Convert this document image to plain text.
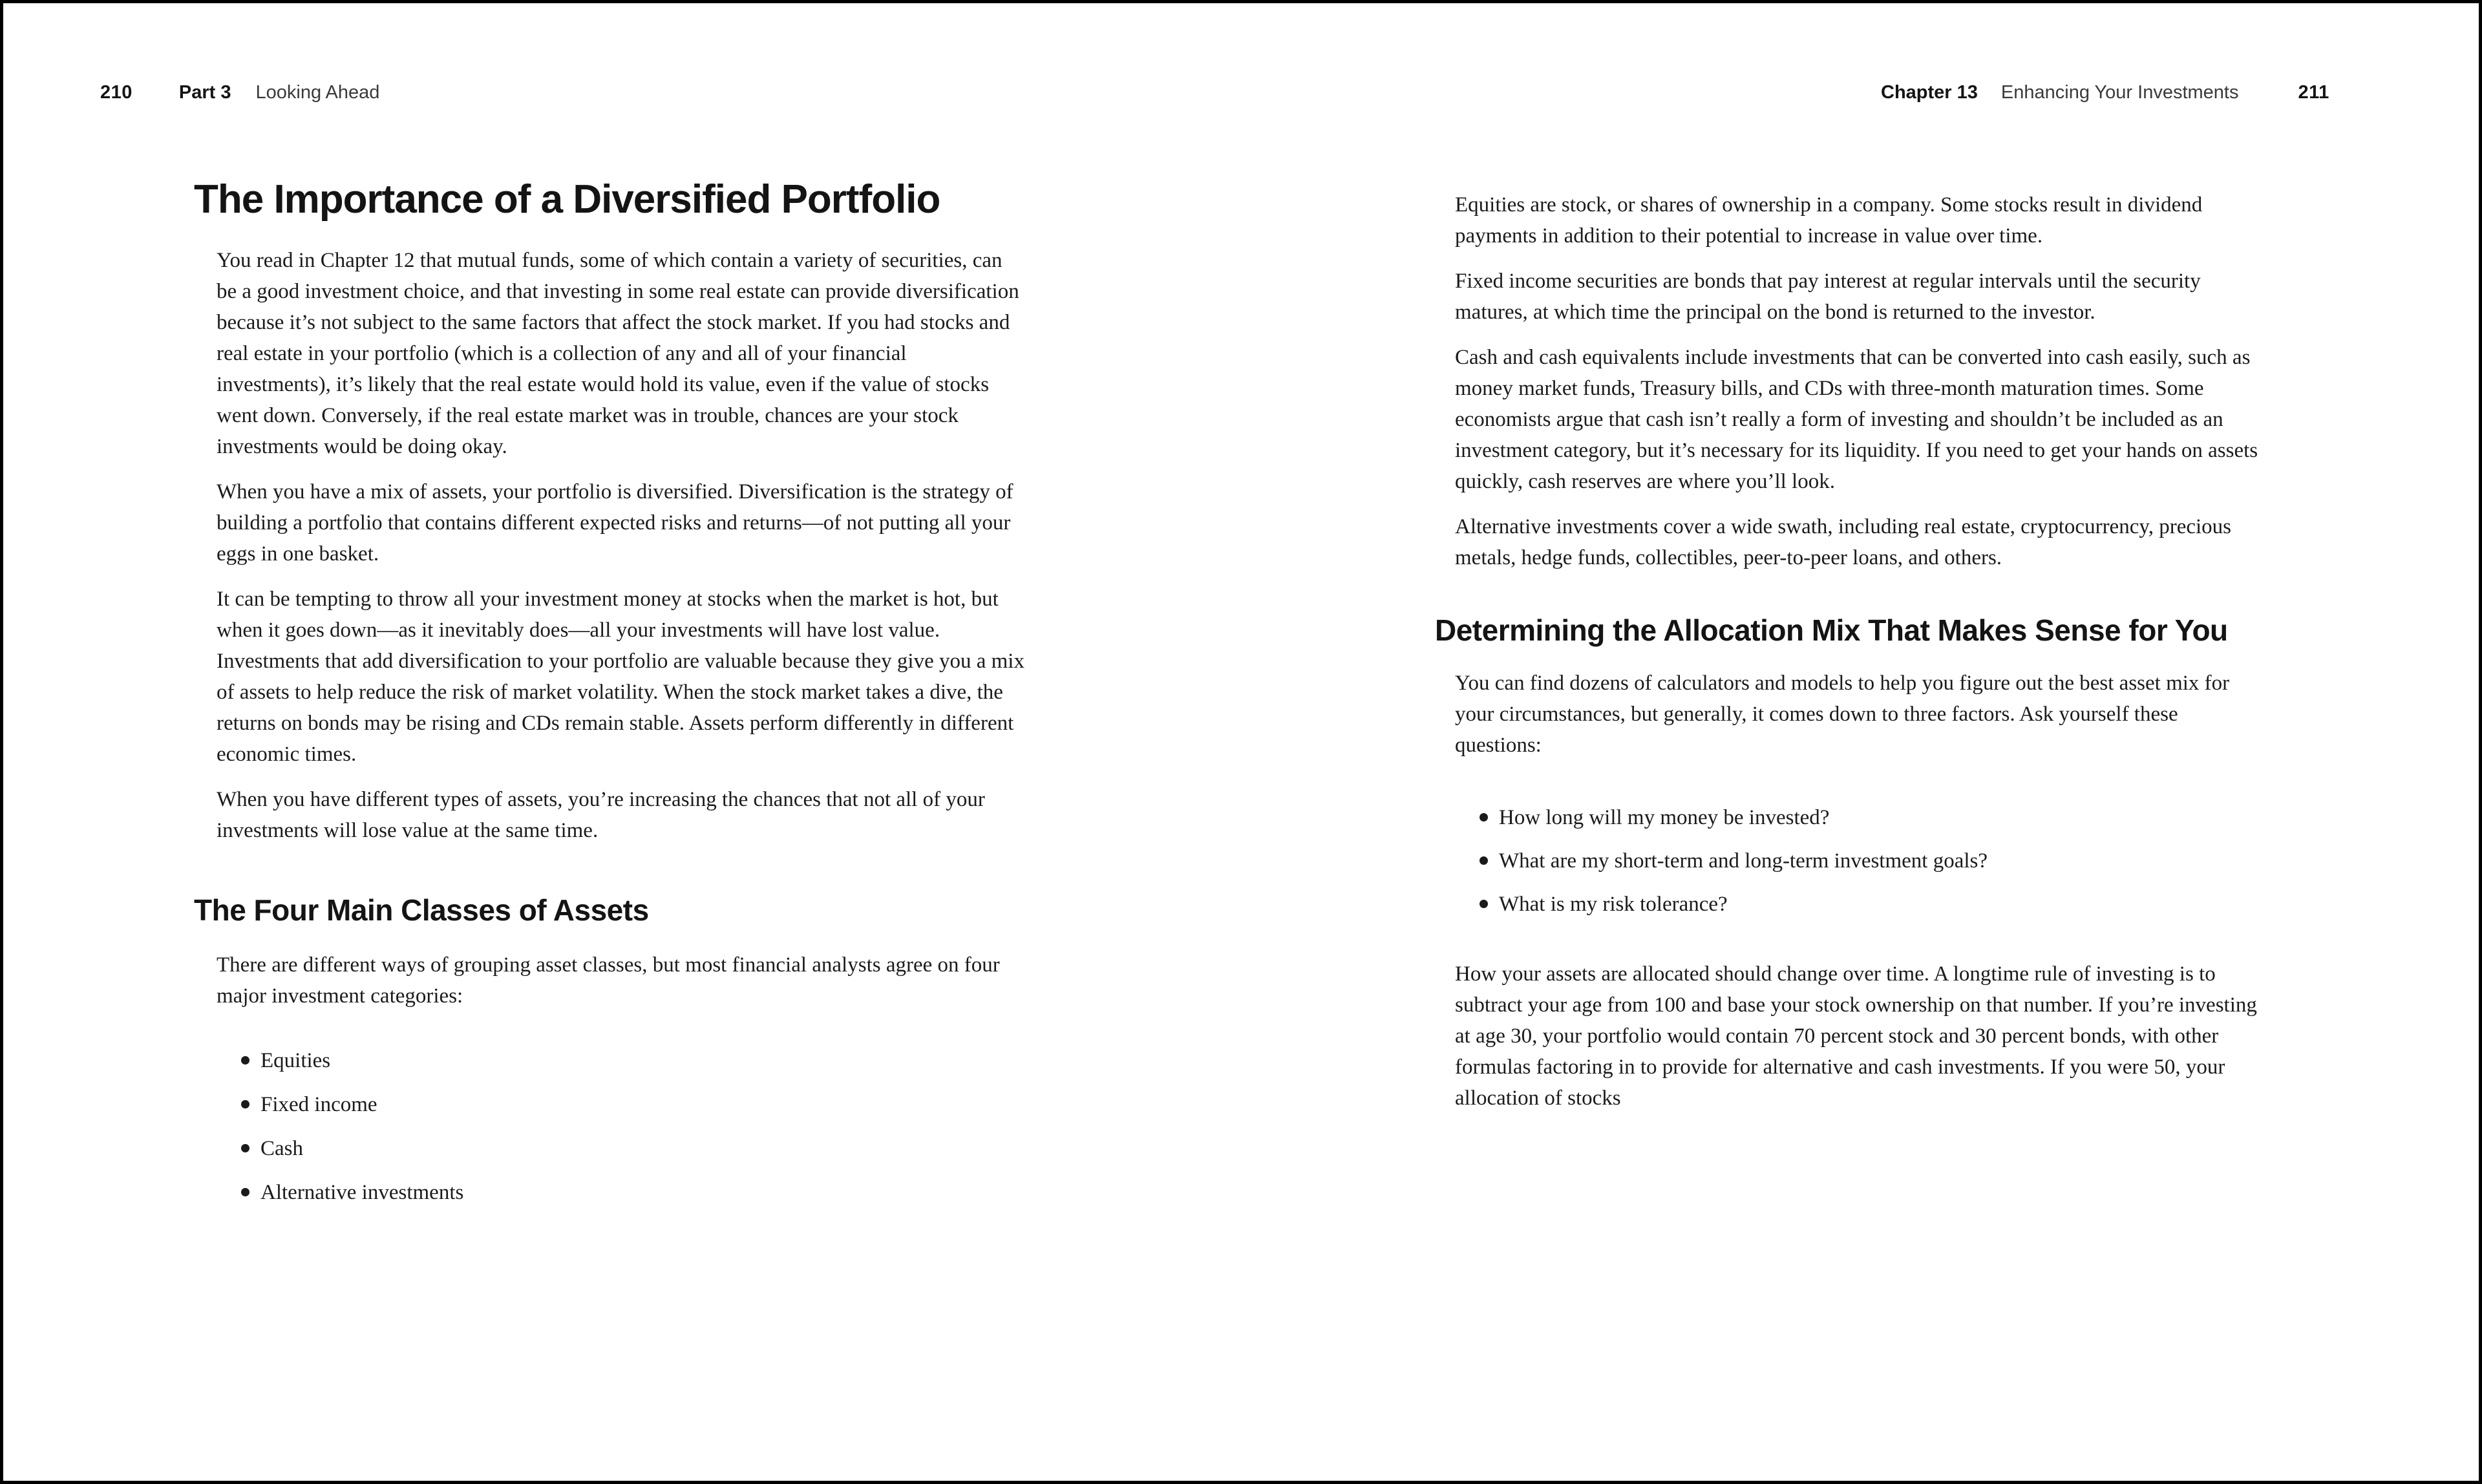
210 Part 3 Looking Ahead	Chapter 13 Enhancing Your Investments	211
The Importance of a Diversified Portfolio

You read in Chapter 12 that mutual funds, some of which contain a variety of securities, can be a good investment choice, and that investing in some real estate can provide diversification because it’s not subject to the same factors that affect the stock market. If you had stocks and real estate in your portfolio (which is a collection of any and all of your financial investments), it’s likely that the real estate would hold its value, even if the value of stocks went down. Conversely, if the real estate market was in trouble, chances are your stock investments would be doing okay.

When you have a mix of assets, your portfolio is diversified. Diversification is the strategy of building a portfolio that contains different expected risks and returns—of not putting all your eggs in one basket.

It can be tempting to throw all your investment money at stocks when the market is hot, but when it goes down—as it inevitably does—all your investments will have lost value. Investments that add diversification to your portfolio are valuable because they give you a mix of assets to help reduce the risk of market volatility. When the stock market takes a dive, the returns on bonds may be rising and CDs remain stable. Assets perform differently in different economic times.

When you have different types of assets, you’re increasing the chances that not all of your investments will lose value at the same time.

The Four Main Classes of Assets

There are different ways of grouping asset classes, but most financial analysts agree on four major investment categories:

Equities
Fixed income
Cash
Alternative investments

Equities are stock, or shares of ownership in a company. Some stocks result in dividend payments in addition to their potential to increase in value over time.

Fixed income securities are bonds that pay interest at regular intervals until the security matures, at which time the principal on the bond is returned to the investor.

Cash and cash equivalents include investments that can be converted into cash easily, such as money market funds, Treasury bills, and CDs with three-month maturation times. Some economists argue that cash isn’t really a form of investing and shouldn’t be included as an investment category, but it’s necessary for its liquidity. If you need to get your hands on assets quickly, cash reserves are where you’ll look.

Alternative investments cover a wide swath, including real estate, cryptocurrency, precious metals, hedge funds, collectibles, peer-to-peer loans, and others.

Determining the Allocation Mix That Makes Sense for You

You can find dozens of calculators and models to help you figure out the best asset mix for your circumstances, but generally, it comes down to three factors. Ask yourself these questions:

How long will my money be invested?
What are my short-term and long-term investment goals?
What is my risk tolerance?

How your assets are allocated should change over time. A longtime rule of investing is to subtract your age from 100 and base your stock ownership on that number. If you’re investing at age 30, your portfolio would contain 70 percent stock and 30 percent bonds, with other formulas factoring in to provide for alternative and cash investments. If you were 50, your allocation of stocks
